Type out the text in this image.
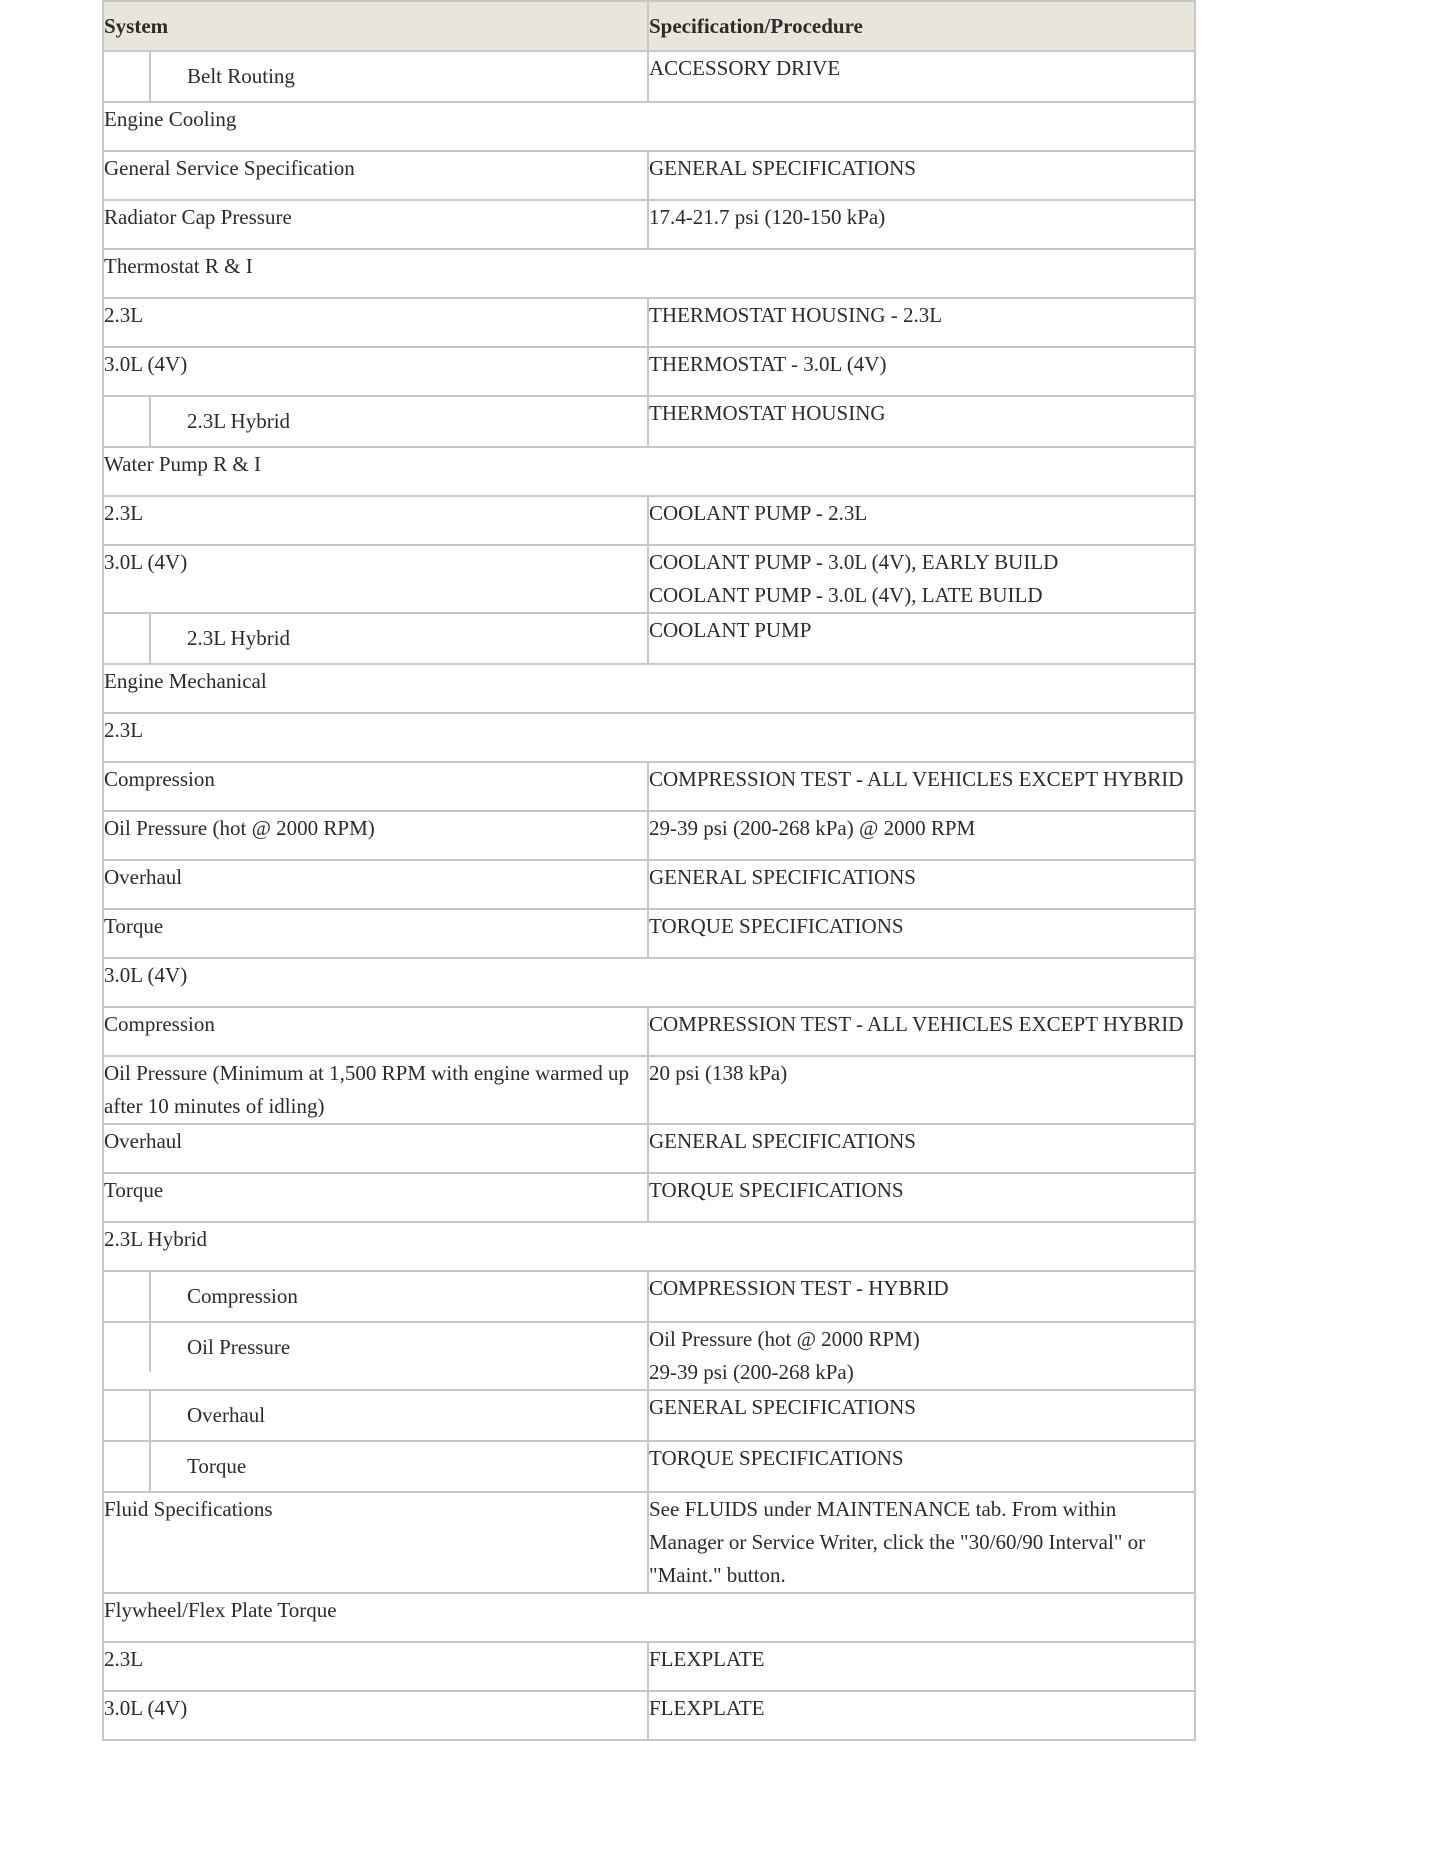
System	Specification/Procedure

Belt Routing	ACCESSORY DRIVE

Engine Cooling	
General Service Specification	GENERAL SPECIFICATIONS

Radiator Cap Pressure	17.4-21.7 psi (120-150 kPa)

Thermostat R & I	
2.3L	THERMOSTAT HOUSING - 2.3L

3.0L (4V)	THERMOSTAT - 3.0L (4V)

2.3L Hybrid	THERMOSTAT HOUSING

Water Pump R & I	
2.3L	COOLANT PUMP - 2.3L

3.0L (4V)	COOLANT PUMP - 3.0L (4V), EARLY BUILD
COOLANT PUMP - 3.0L (4V), LATE BUILD

2.3L Hybrid	COOLANT PUMP

Engine Mechanical	
2.3L	
Compression	COMPRESSION TEST - ALL VEHICLES EXCEPT HYBRID

Oil Pressure (hot @ 2000 RPM)	29-39 psi (200-268 kPa) @ 2000 RPM

Overhaul	GENERAL SPECIFICATIONS

Torque	TORQUE SPECIFICATIONS

3.0L (4V)	
Compression	COMPRESSION TEST - ALL VEHICLES EXCEPT HYBRID

Oil Pressure (Minimum at 1,500 RPM with engine warmed up after 10 minutes of idling)	20 psi (138 kPa)

Overhaul	GENERAL SPECIFICATIONS

Torque	TORQUE SPECIFICATIONS

2.3L Hybrid	

Compression	COMPRESSION TEST - HYBRID

Oil Pressure	Oil Pressure (hot @ 2000 RPM)
29-39 psi (200-268 kPa)

Overhaul	GENERAL SPECIFICATIONS

Torque	TORQUE SPECIFICATIONS

Fluid Specifications	See FLUIDS under MAINTENANCE tab. From within Manager or Service Writer, click the "30/60/90 Interval" or "Maint." button.

Flywheel/Flex Plate Torque	
2.3L	FLEXPLATE

3.0L (4V)	FLEXPLATE
